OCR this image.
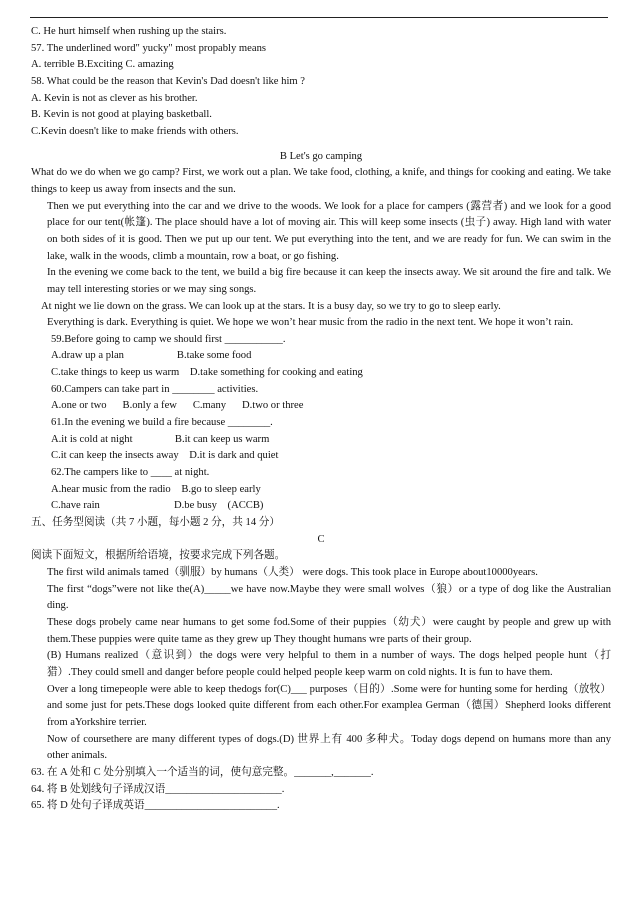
C. He hurt himself when rushing up the stairs.
57. The underlined word" yucky" most propably means
A. terrible B.Exciting C. amazing
58. What could be the reason that Kevin's Dad doesn't like him ?
A. Kevin is not as clever as his brother.
B. Kevin is not good at playing basketball.
C.Kevin doesn't like to make friends with others.
B Let's go camping
What do we do when we go camp? First, we work out a plan. We take food, clothing, a knife, and things for cooking and eating. We take things to keep us away from insects and the sun.
Then we put everything into the car and we drive to the woods. We look for a place for campers (露营者) and we look for a good place for our tent(帐篷). The place should have a lot of moving air. This will keep some insects (虫子) away. High land with water on both sides of it is good. Then we put up our tent. We put everything into the tent, and we are ready for fun. We can swim in the lake, walk in the woods, climb a mountain, row a boat, or go fishing.
In the evening we come back to the tent, we build a big fire because it can keep the insects away. We sit around the fire and talk. We may tell interesting stories or we may sing songs.
At night we lie down on the grass. We can look up at the stars. It is a busy day, so we try to go to sleep early.
Everything is dark. Everything is quiet. We hope we won’t hear music from the radio in the next tent. We hope it won’t rain.
59.Before going to camp we should first ___________.
A.draw up a plan                    B.take some food
C.take things to keep us warm    D.take something for cooking and eating
60.Campers can take part in ________ activities.
A.one or two      B.only a few      C.many      D.two or three
61.In the evening we build a fire because ________.
A.it is cold at night                B.it can keep us warm
C.it can keep the insects away    D.it is dark and quiet
62.The campers like to ____ at night.
A.hear music from the radio    B.go to sleep early
C.have rain                            D.be busy    (ACCB)
五、任务型阅读（共 7 小题，每小题 2 分，共 14 分）
C
阅读下面短文，根据所给语境，按要求完成下列各题。
The first wild animals tamed（驯服）by humans（人类） were dogs. This took place in Europe about10000years.
The first “dogs”were not like the(A)_____we have now.Maybe they were small wolves（狼）or a type of dog like the Australian ding.
These dogs probely came near humans to get some fod.Some of their puppies（幼犬）were caught by people and grew up with them.These puppies were quite tame as they grew up They thought humans wre parts of their group.
(B) Humans realized（意识到）the dogs were very helpful to them in a number of ways. The dogs helped people hunt（打猎）.They could smell and danger before people could helped people keep warm on cold nights. It is fun to have them.
Over a long timepeople were able to keep thedogs for(C)___ purposes（目的）.Some were for hunting some for herding（放牧） and some just for pets.These dogs looked quite different from each other.For examplea German（德国）Shepherd looks different from aYorkshire terrier.
Now of coursethere are many different types of dogs.(D) 世界上有 400 多种犬。Today dogs depend on humans more than any other animals.
63. 在 A 处和 C 处分别填入一个适当的词，使句意完整。_______,_______.
64. 将 B 处划线句子译成汉语______________________.
65. 将 D 处句子译成英语_________________________.
